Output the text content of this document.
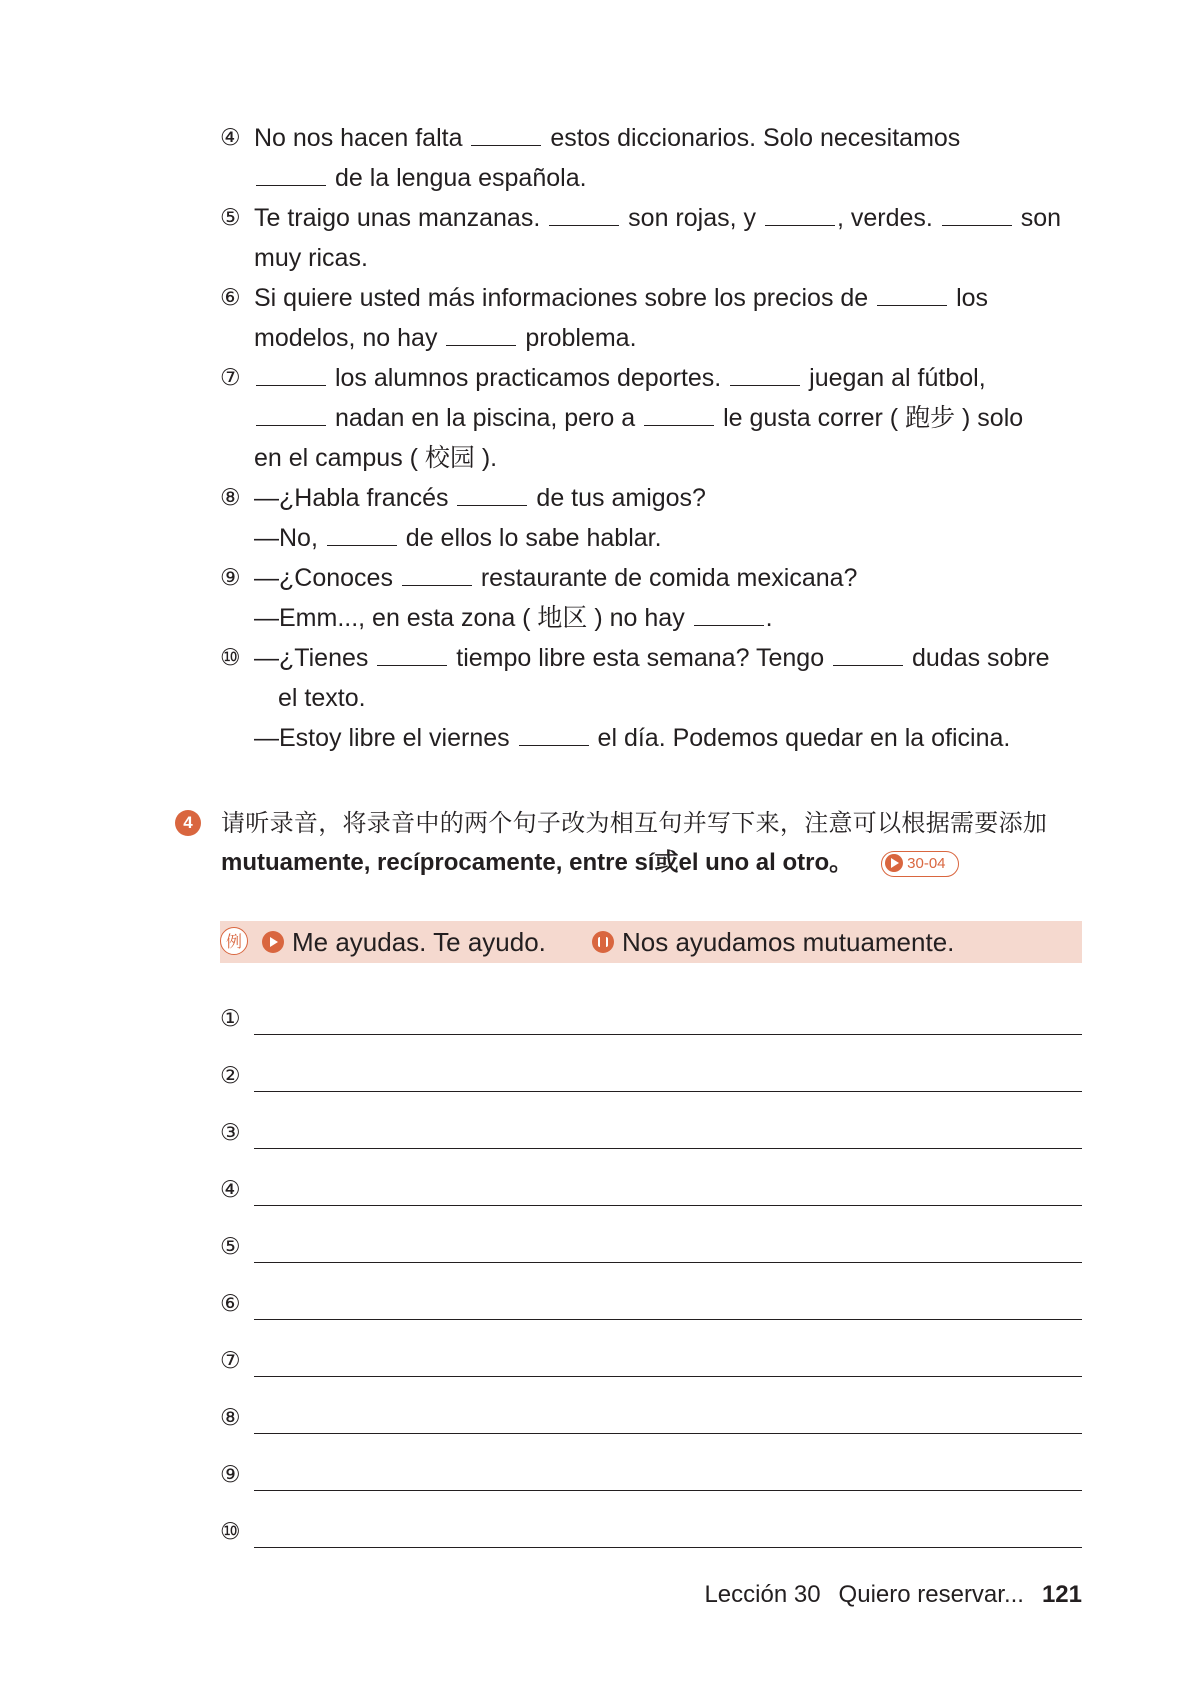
④ No nos hacen falta	estos diccionarios. Solo necesitamos

de la lengua española.

⑤ Te traigo unas manzanas.	son rojas, y	, verdes.	son

muy ricas.

⑥ Si quiere usted más informaciones sobre los precios de	los

modelos, no hay	problema.

⑦	los alumnos practicamos deportes.	juegan al fútbol,

nadan en la piscina, pero a	le gusta correr ( 跑步 ) solo

en el campus ( 校园 ).

⑧ —¿Habla francés	de tus amigos?

—No,	de ellos lo sabe hablar.

⑨ —¿Conoces	restaurante de comida mexicana?

—Emm..., en esta zona ( 地区 ) no hay	.

⑩ —¿Tienes	tiempo libre esta semana? Tengo	dudas sobre

el texto.

—Estoy libre el viernes	el día. Podemos quedar en la oficina.

4	请听录音，将录音中的两个句子改为相互句并写下来，注意可以根据需要添加

mutuamente, recíprocamente, entre sí或el uno al otro。	30-04

例 Me ayudas. Te ayudo.	Nos ayudamos mutuamente.
①
②
③
④
⑤
⑥
⑦
⑧
⑨
⑩
Lección 30 Quiero reservar... 121
